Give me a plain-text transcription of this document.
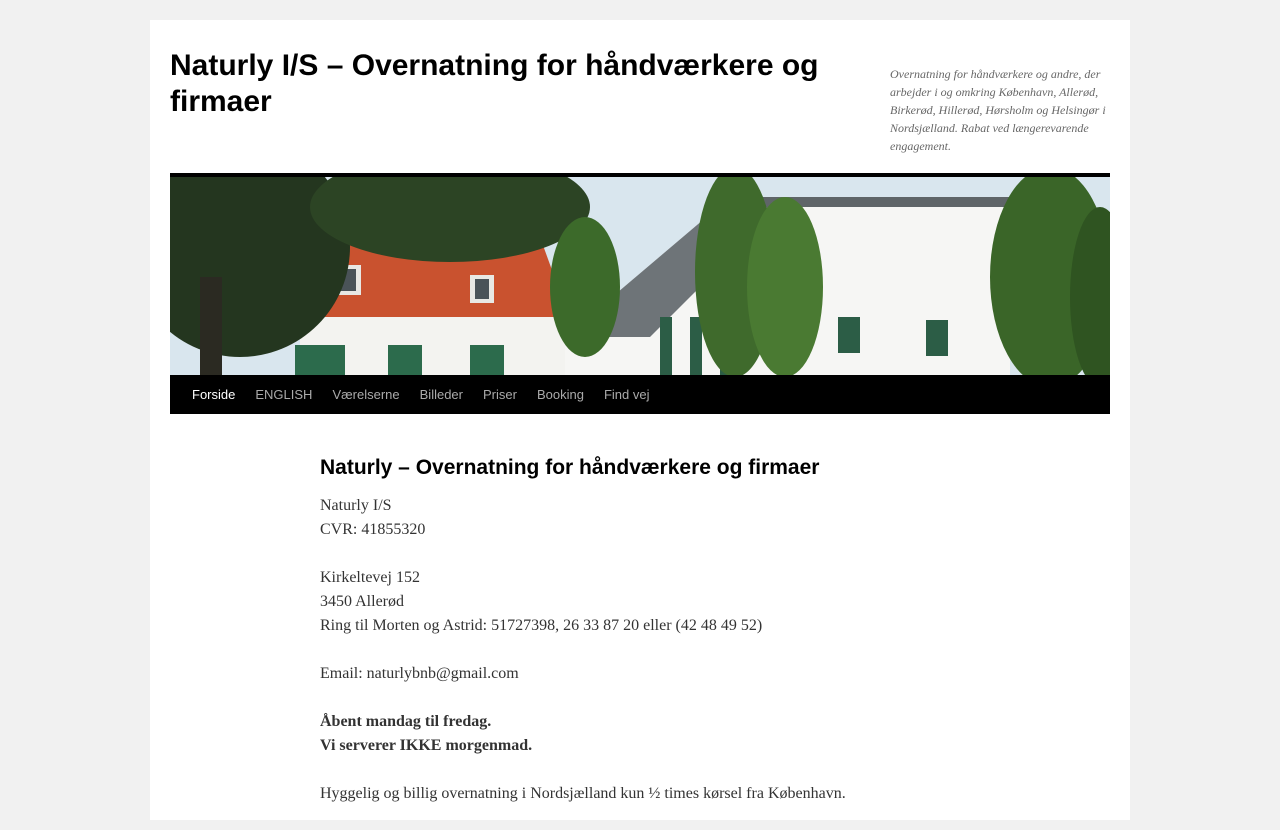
Naturly I/S – Overnatning for håndværkere og firmaer

Overnatning for håndværkere og andre, der arbejder i og omkring København, Allerød, Birkerød, Hillerød, Hørsholm og Helsingør i Nordsjælland. Rabat ved længerevarende engagement.

Forside	ENGLISH	Værelserne	Billeder	Priser	Booking	Find vej
Naturly – Overnatning for håndværkere og firmaer

Naturly I/S
CVR: 41855320

Kirkeltevej 152
3450 Allerød
Ring til Morten og Astrid: 51727398, 26 33 87 20 eller (42 48 49 52)

Email: naturlybnb@gmail.com

Åbent mandag til fredag.
Vi serverer IKKE morgenmad.

Hyggelig og billig overnatning i Nordsjælland kun ½ times kørsel fra København.
